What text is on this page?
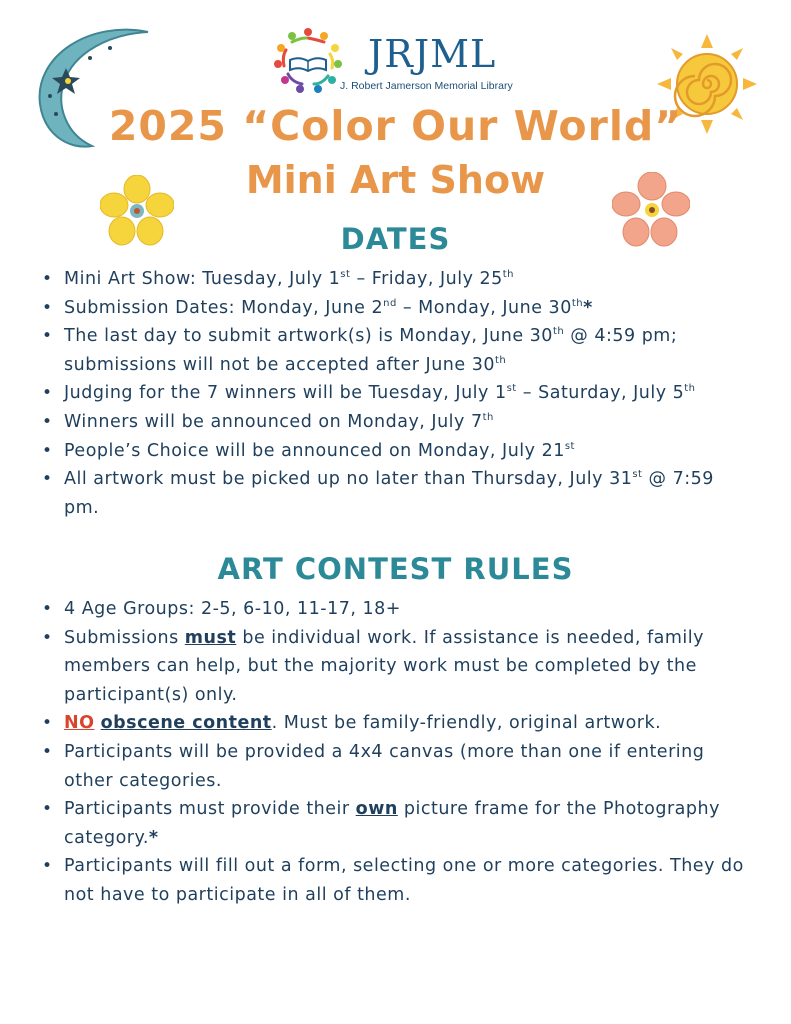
JRJML
J. Robert Jamerson Memorial Library
2025 “Color Our World”
Mini Art Show
DATES
• Mini Art Show: Tuesday, July 1st – Friday, July 25th
• Submission Dates: Monday, June 2nd – Monday, June 30th*
• The last day to submit artwork(s) is Monday, June 30th @ 4:59 pm; submissions will not be accepted after June 30th
• Judging for the 7 winners will be Tuesday, July 1st – Saturday, July 5th
• Winners will be announced on Monday, July 7th
• People’s Choice will be announced on Monday, July 21st
• All artwork must be picked up no later than Thursday, July 31st @ 7:59 pm.
ART CONTEST RULES
• 4 Age Groups: 2-5, 6-10, 11-17, 18+
• Submissions must be individual work. If assistance is needed, family members can help, but the majority work must be completed by the participant(s) only.
• NO obscene content. Must be family-friendly, original artwork.
• Participants will be provided a 4x4 canvas (more than one if entering other categories.
• Participants must provide their own picture frame for the Photography category.*
• Participants will fill out a form, selecting one or more categories. They do not have to participate in all of them.
